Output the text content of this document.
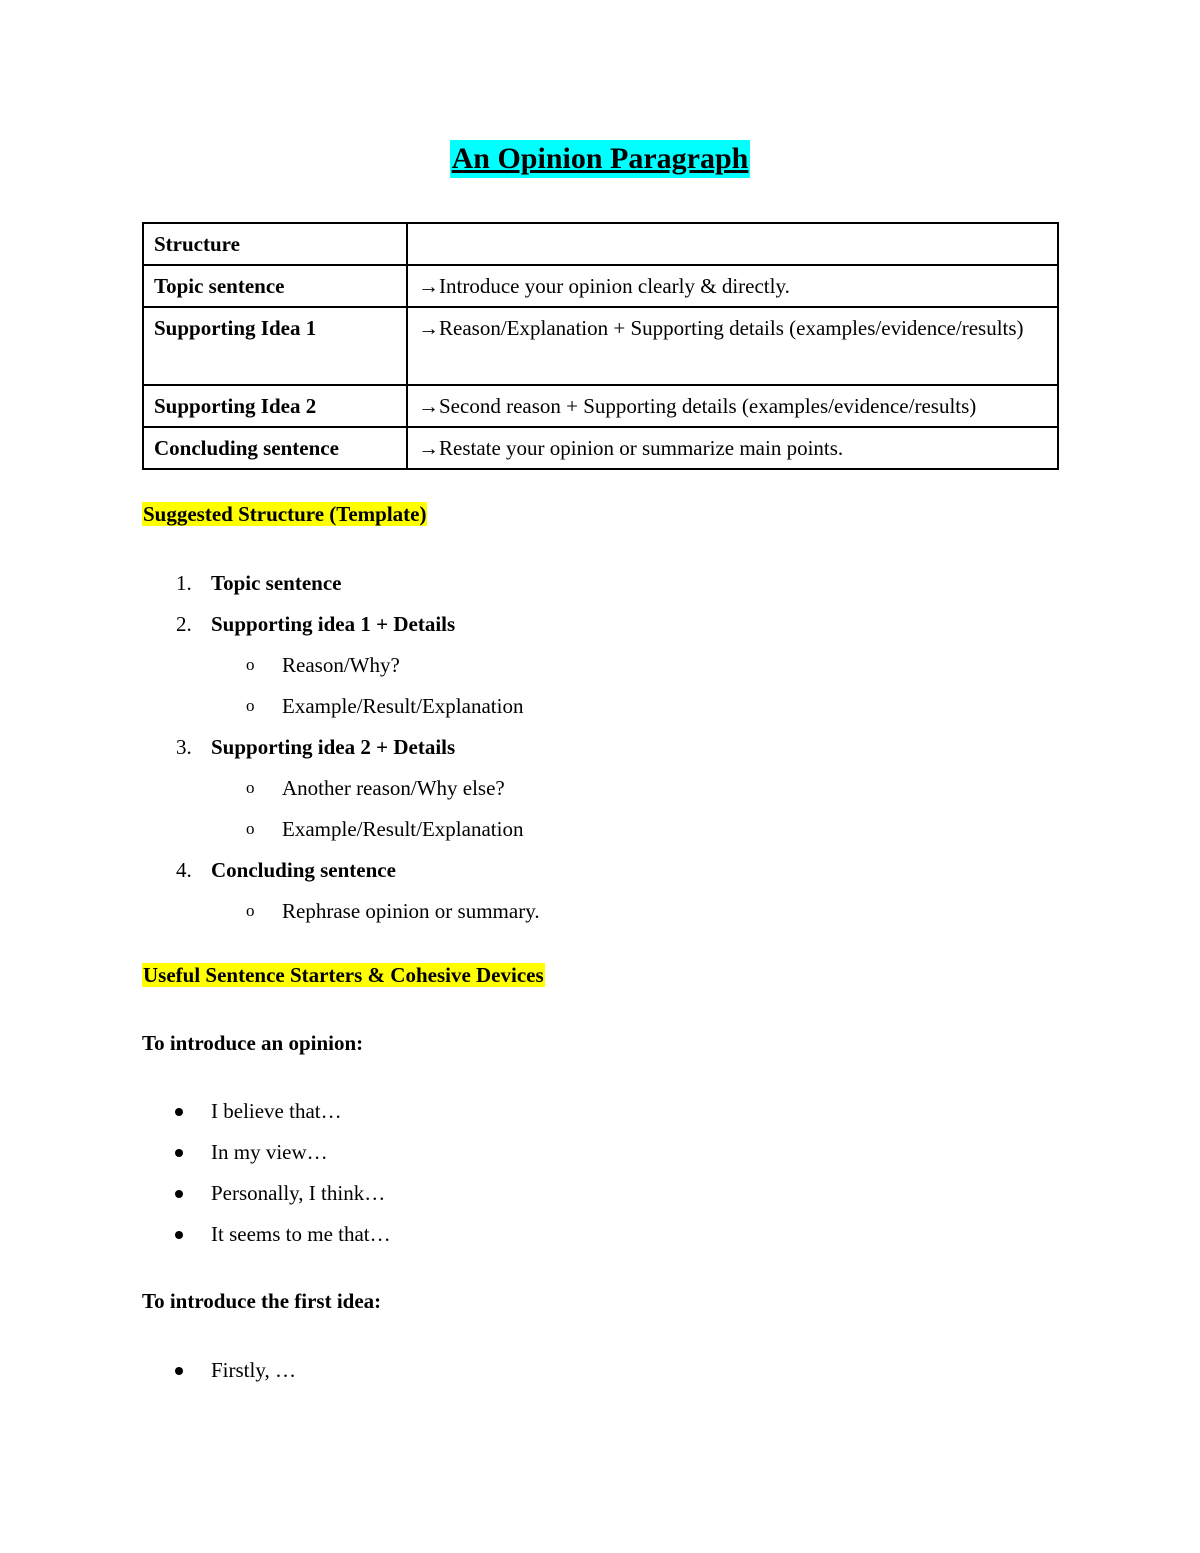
An Opinion Paragraph
Structure	
Topic sentence	→Introduce your opinion clearly & directly.
Supporting Idea 1	→Reason/Explanation + Supporting details (examples/evidence/results)
Supporting Idea 2	→Second reason + Supporting details (examples/evidence/results)
Concluding sentence	→Restate your opinion or summarize main points.
Suggested Structure (Template)
1. Topic sentence
2. Supporting idea 1 + Details
o Reason/Why?
o Example/Result/Explanation
3. Supporting idea 2 + Details
o Another reason/Why else?
o Example/Result/Explanation
4. Concluding sentence
o Rephrase opinion or summary.
Useful Sentence Starters & Cohesive Devices
To introduce an opinion:
I believe that…
In my view…
Personally, I think…
It seems to me that…
To introduce the first idea:
Firstly, …
